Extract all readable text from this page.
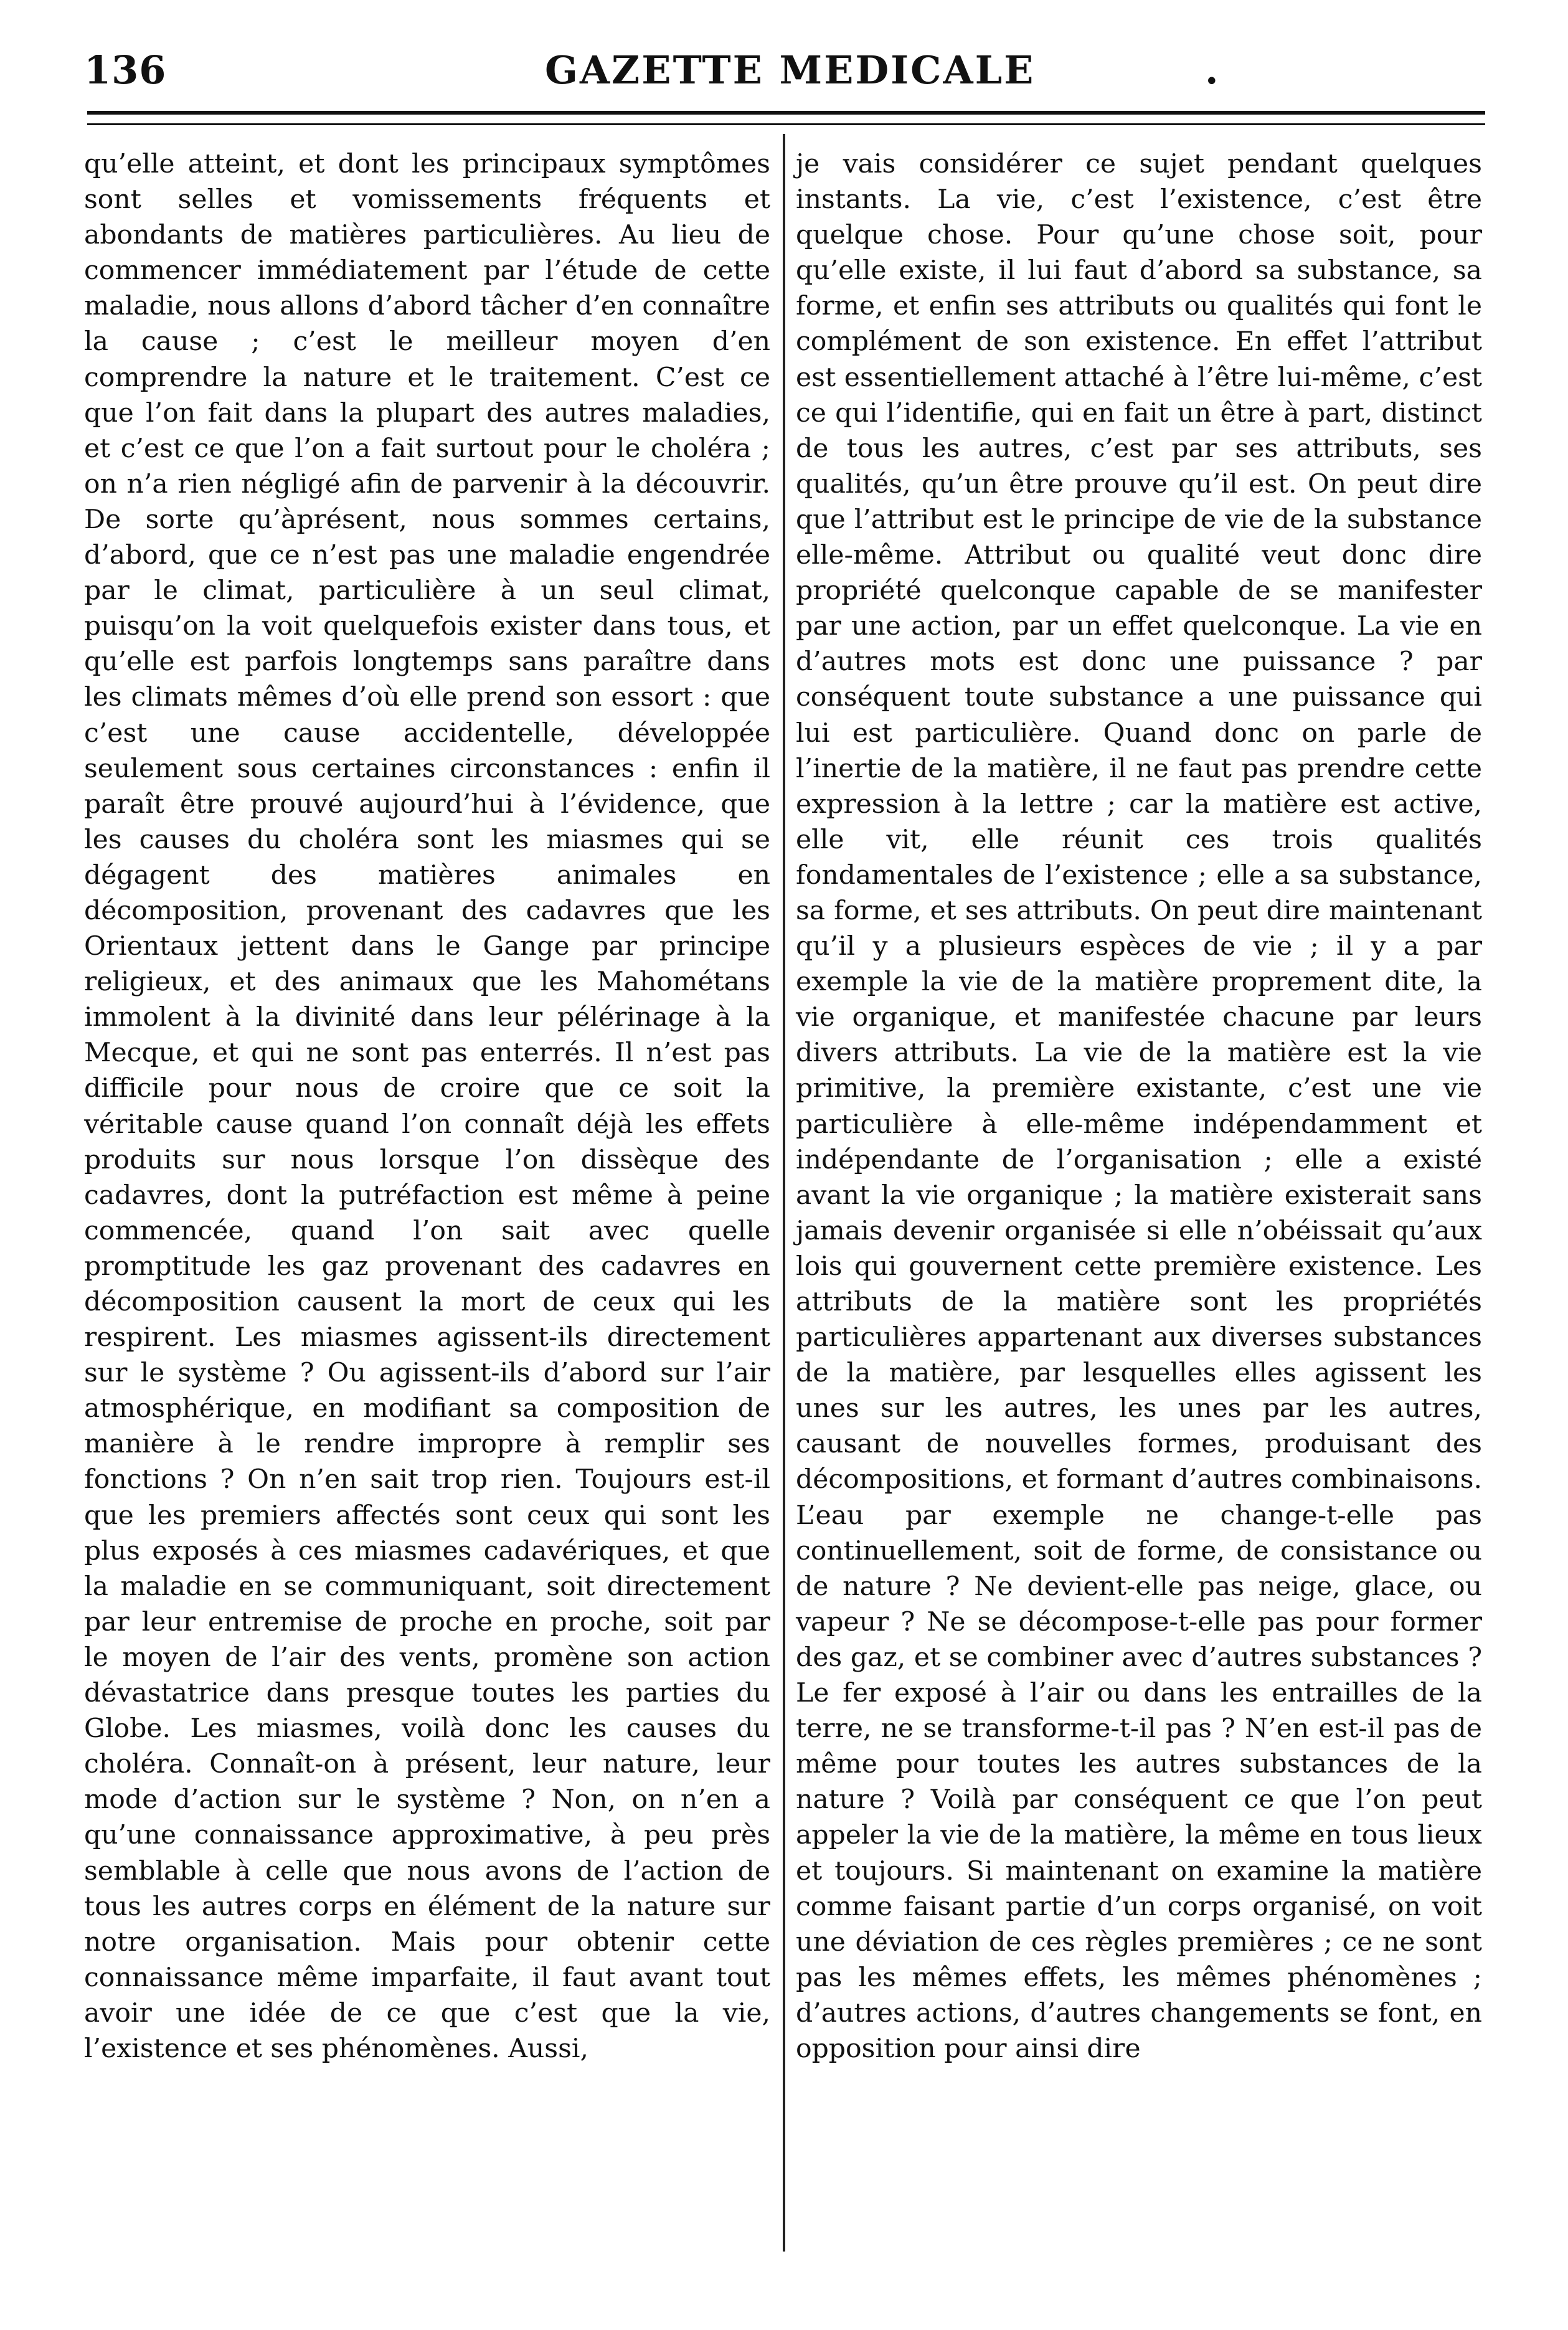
136	GAZETTE MEDICALE	.
qu’elle atteint, et dont les principaux symptômes sont selles et vomissements fréquents et abondants de matières particulières. Au lieu de commencer immédiatement par l’étude de cette maladie, nous allons d’abord tâcher d’en connaître la cause ; c’est le meilleur moyen d’en comprendre la nature et le traitement. C’est ce que l’on fait dans la plupart des autres maladies, et c’est ce que l’on a fait surtout pour le choléra ; on n’a rien négligé afin de parvenir à la découvrir. De sorte qu’àprésent, nous sommes certains, d’abord, que ce n’est pas une maladie engendrée par le climat, particulière à un seul climat, puisqu’on la voit quelquefois exister dans tous, et qu’elle est parfois longtemps sans paraître dans les climats mêmes d’où elle prend son essort : que c’est une cause accidentelle, développée seulement sous certaines circonstances : enfin il paraît être prouvé aujourd’hui à l’évidence, que les causes du choléra sont les miasmes qui se dégagent des matières animales en décomposition, provenant des cadavres que les Orientaux jettent dans le Gange par principe religieux, et des animaux que les Mahométans immolent à la divinité dans leur pélérinage à la Mecque, et qui ne sont pas enterrés. Il n’est pas difficile pour nous de croire que ce soit la véritable cause quand l’on connaît déjà les effets produits sur nous lorsque l’on dissèque des cadavres, dont la putréfaction est même à peine commencée, quand l’on sait avec quelle promptitude les gaz provenant des cadavres en décomposition causent la mort de ceux qui les respirent. Les miasmes agissent-ils directement sur le système ? Ou agissent-ils d’abord sur l’air atmosphérique, en modifiant sa composition de manière à le rendre impropre à remplir ses fonctions ? On n’en sait trop rien. Toujours est-il que les premiers affectés sont ceux qui sont les plus exposés à ces miasmes cadavériques, et que la maladie en se communiquant, soit directement par leur entremise de proche en proche, soit par le moyen de l’air des vents, promène son action dévastatrice dans presque toutes les parties du Globe. Les miasmes, voilà donc les causes du choléra. Connaît-on à présent, leur nature, leur mode d’action sur le système ? Non, on n’en a qu’une connaissance approximative, à peu près semblable à celle que nous avons de l’action de tous les autres corps en élément de la nature sur notre organisation. Mais pour obtenir cette connaissance même imparfaite, il faut avant tout avoir une idée de ce que c’est que la vie, l’existence et ses phénomènes. Aussi,
je vais considérer ce sujet pendant quelques instants. La vie, c’est l’existence, c’est être quelque chose. Pour qu’une chose soit, pour qu’elle existe, il lui faut d’abord sa substance, sa forme, et enfin ses attributs ou qualités qui font le complément de son existence. En effet l’attribut est essentiellement attaché à l’être lui-même, c’est ce qui l’identifie, qui en fait un être à part, distinct de tous les autres, c’est par ses attributs, ses qualités, qu’un être prouve qu’il est. On peut dire que l’attribut est le principe de vie de la substance elle-même. Attribut ou qualité veut donc dire propriété quelconque capable de se manifester par une action, par un effet quelconque. La vie en d’autres mots est donc une puissance ? par conséquent toute substance a une puissance qui lui est particulière. Quand donc on parle de l’inertie de la matière, il ne faut pas prendre cette expression à la lettre ; car la matière est active, elle vit, elle réunit ces trois qualités fondamentales de l’existence ; elle a sa substance, sa forme, et ses attributs. On peut dire maintenant qu’il y a plusieurs espèces de vie ; il y a par exemple la vie de la matière proprement dite, la vie organique, et manifestée chacune par leurs divers attributs. La vie de la matière est la vie primitive, la première existante, c’est une vie particulière à elle-même indépendamment et indépendante de l’organisation ; elle a existé avant la vie organique ; la matière existerait sans jamais devenir organisée si elle n’obéissait qu’aux lois qui gouvernent cette première existence. Les attributs de la matière sont les propriétés particulières appartenant aux diverses substances de la matière, par lesquelles elles agissent les unes sur les autres, les unes par les autres, causant de nouvelles formes, produisant des décompositions, et formant d’autres combinaisons. L’eau par exemple ne change-t-elle pas continuellement, soit de forme, de consistance ou de nature ? Ne devient-elle pas neige, glace, ou vapeur ? Ne se décompose-t-elle pas pour former des gaz, et se combiner avec d’autres substances ? Le fer exposé à l’air ou dans les entrailles de la terre, ne se transforme-t-il pas ? N’en est-il pas de même pour toutes les autres substances de la nature ? Voilà par conséquent ce que l’on peut appeler la vie de la matière, la même en tous lieux et toujours. Si maintenant on examine la matière comme faisant partie d’un corps organisé, on voit une déviation de ces règles premières ; ce ne sont pas les mêmes effets, les mêmes phénomènes ; d’autres actions, d’autres changements se font, en opposition pour ainsi dire
